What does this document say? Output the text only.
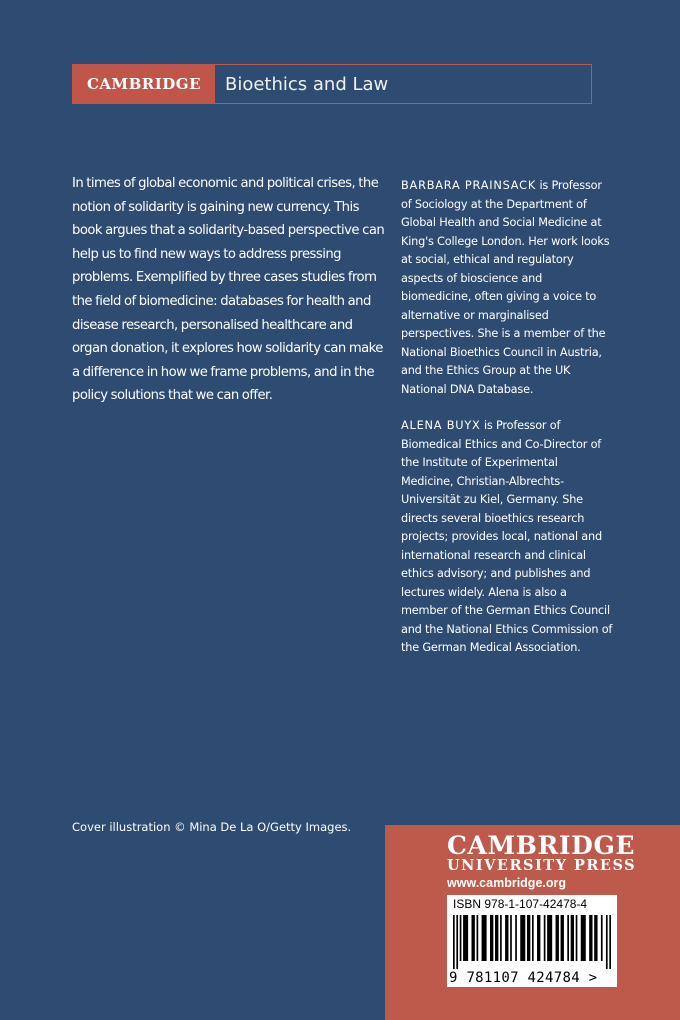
CAMBRIDGE	Bioethics and Law
In times of global economic and political crises, the notion of solidarity is gaining new currency. This book argues that a solidarity-based perspective can help us to find new ways to address pressing problems. Exemplified by three cases studies from the field of biomedicine: databases for health and disease research, personalised healthcare and organ donation, it explores how solidarity can make a difference in how we frame problems, and in the policy solutions that we can offer.

BARBARA PRAINSACK is Professor of Sociology at the Department of Global Health and Social Medicine at King's College London. Her work looks at social, ethical and regulatory aspects of bioscience and biomedicine, often giving a voice to alternative or marginalised perspectives. She is a member of the National Bioethics Council in Austria, and the Ethics Group at the UK National DNA Database.

ALENA BUYX is Professor of Biomedical Ethics and Co-Director of the Institute of Experimental Medicine, Christian-Albrechts-Universität zu Kiel, Germany. She directs several bioethics research projects; provides local, national and international research and clinical ethics advisory; and publishes and lectures widely. Alena is also a member of the German Ethics Council and the National Ethics Commission of the German Medical Association.

Cover illustration © Mina De La O/Getty Images.
CAMBRIDGE
UNIVERSITY PRESS
www.cambridge.org
ISBN 978-1-107-42478-4
9 781107 424784 >
